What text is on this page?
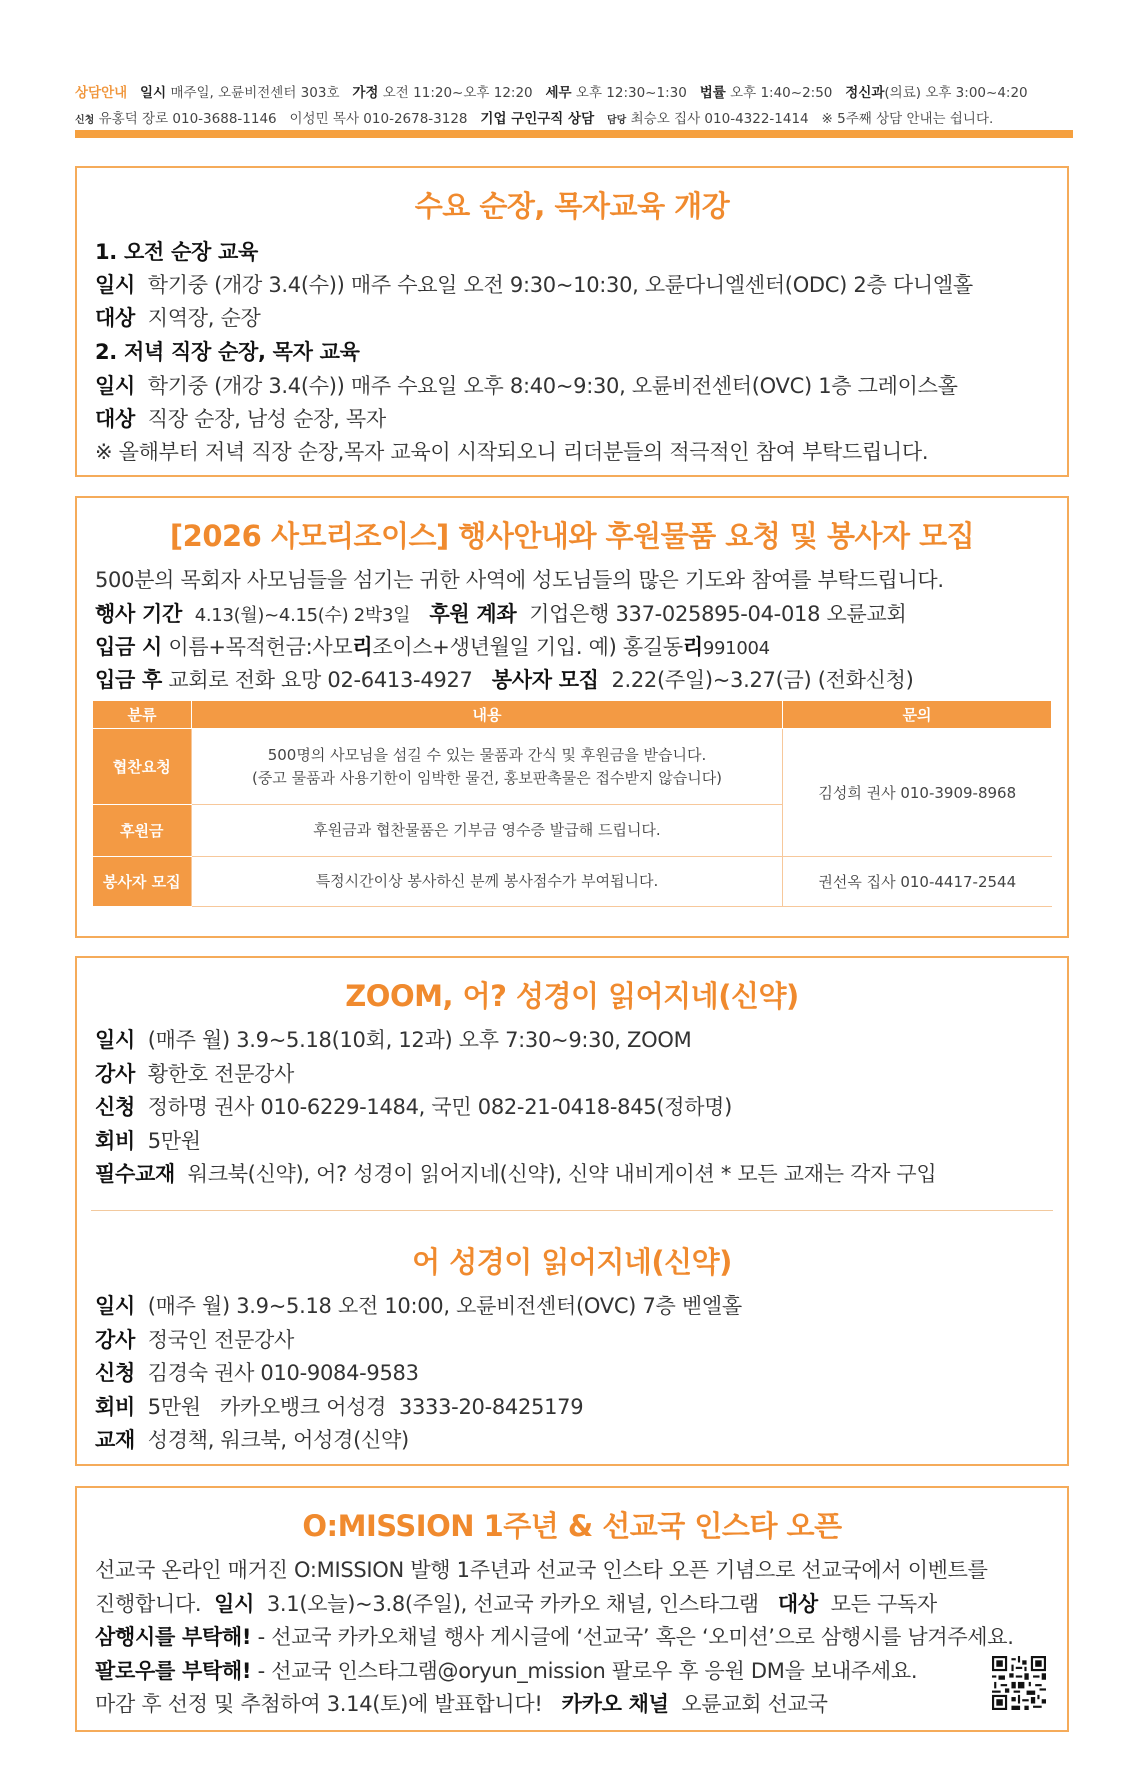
상담안내 일시 매주일, 오륜비전센터 303호 가정 오전 11:20~오후 12:20 세무 오후 12:30~1:30 법률 오후 1:40~2:50 정신과(의료) 오후 3:00~4:20
신청 유홍덕 장로 010-3688-1146 이성민 목사 010-2678-3128 기업 구인구직 상담 담당 최승오 집사 010-4322-1414 ※ 5주째 상담 안내는 쉽니다.
수요 순장, 목자교육 개강
1. 오전 순장 교육
일시 학기중 (개강 3.4(수)) 매주 수요일 오전 9:30~10:30, 오륜다니엘센터(ODC) 2층 다니엘홀
대상 지역장, 순장
2. 저녁 직장 순장, 목자 교육
일시 학기중 (개강 3.4(수)) 매주 수요일 오후 8:40~9:30, 오륜비전센터(OVC) 1층 그레이스홀
대상 직장 순장, 남성 순장, 목자
※ 올해부터 저녁 직장 순장,목자 교육이 시작되오니 리더분들의 적극적인 참여 부탁드립니다.
[2026 사모리조이스] 행사안내와 후원물품 요청 및 봉사자 모집
500분의 목회자 사모님들을 섬기는 귀한 사역에 성도님들의 많은 기도와 참여를 부탁드립니다.
행사 기간 4.13(월)~4.15(수) 2박3일 후원 계좌 기업은행 337-025895-04-018 오륜교회
입금 시 이름+목적헌금:사모리조이스+생년월일 기입. 예) 홍길동리991004
입금 후 교회로 전화 요망 02-6413-4927 봉사자 모집 2.22(주일)~3.27(금) (전화신청)
분류	내용	문의
협찬요청	500명의 사모님을 섬길 수 있는 물품과 간식 및 후원금을 받습니다.
(중고 물품과 사용기한이 임박한 물건, 홍보판촉물은 접수받지 않습니다)	김성희 권사 010-3909-8968
후원금	후원금과 협찬물품은 기부금 영수증 발급해 드립니다.	
봉사자 모집	특정시간이상 봉사하신 분께 봉사점수가 부여됩니다.	권선옥 집사 010-4417-2544
ZOOM, 어? 성경이 읽어지네(신약)
일시 (매주 월) 3.9~5.18(10회, 12과) 오후 7:30~9:30, ZOOM
강사 황한호 전문강사
신청 정하명 권사 010-6229-1484, 국민 082-21-0418-845(정하명)
회비 5만원
필수교재 워크북(신약), 어? 성경이 읽어지네(신약), 신약 내비게이션 * 모든 교재는 각자 구입
어 성경이 읽어지네(신약)
일시 (매주 월) 3.9~5.18 오전 10:00, 오륜비전센터(OVC) 7층 벧엘홀
강사 정국인 전문강사
신청 김경숙 권사 010-9084-9583
회비 5만원   카카오뱅크 어성경  3333-20-8425179
교재 성경책, 워크북, 어성경(신약)
O:MISSION 1주년 & 선교국 인스타 오픈
선교국 온라인 매거진 O:MISSION 발행 1주년과 선교국 인스타 오픈 기념으로 선교국에서 이벤트를
진행합니다. 일시 3.1(오늘)~3.8(주일), 선교국 카카오 채널, 인스타그램 대상 모든 구독자
삼행시를 부탁해! - 선교국 카카오채널 행사 게시글에 ‘선교국’ 혹은 ‘오미션’으로 삼행시를 남겨주세요.
팔로우를 부탁해! - 선교국 인스타그램@oryun_mission 팔로우 후 응원 DM을 보내주세요.
마감 후 선정 및 추첨하여 3.14(토)에 발표합니다! 카카오 채널 오륜교회 선교국
